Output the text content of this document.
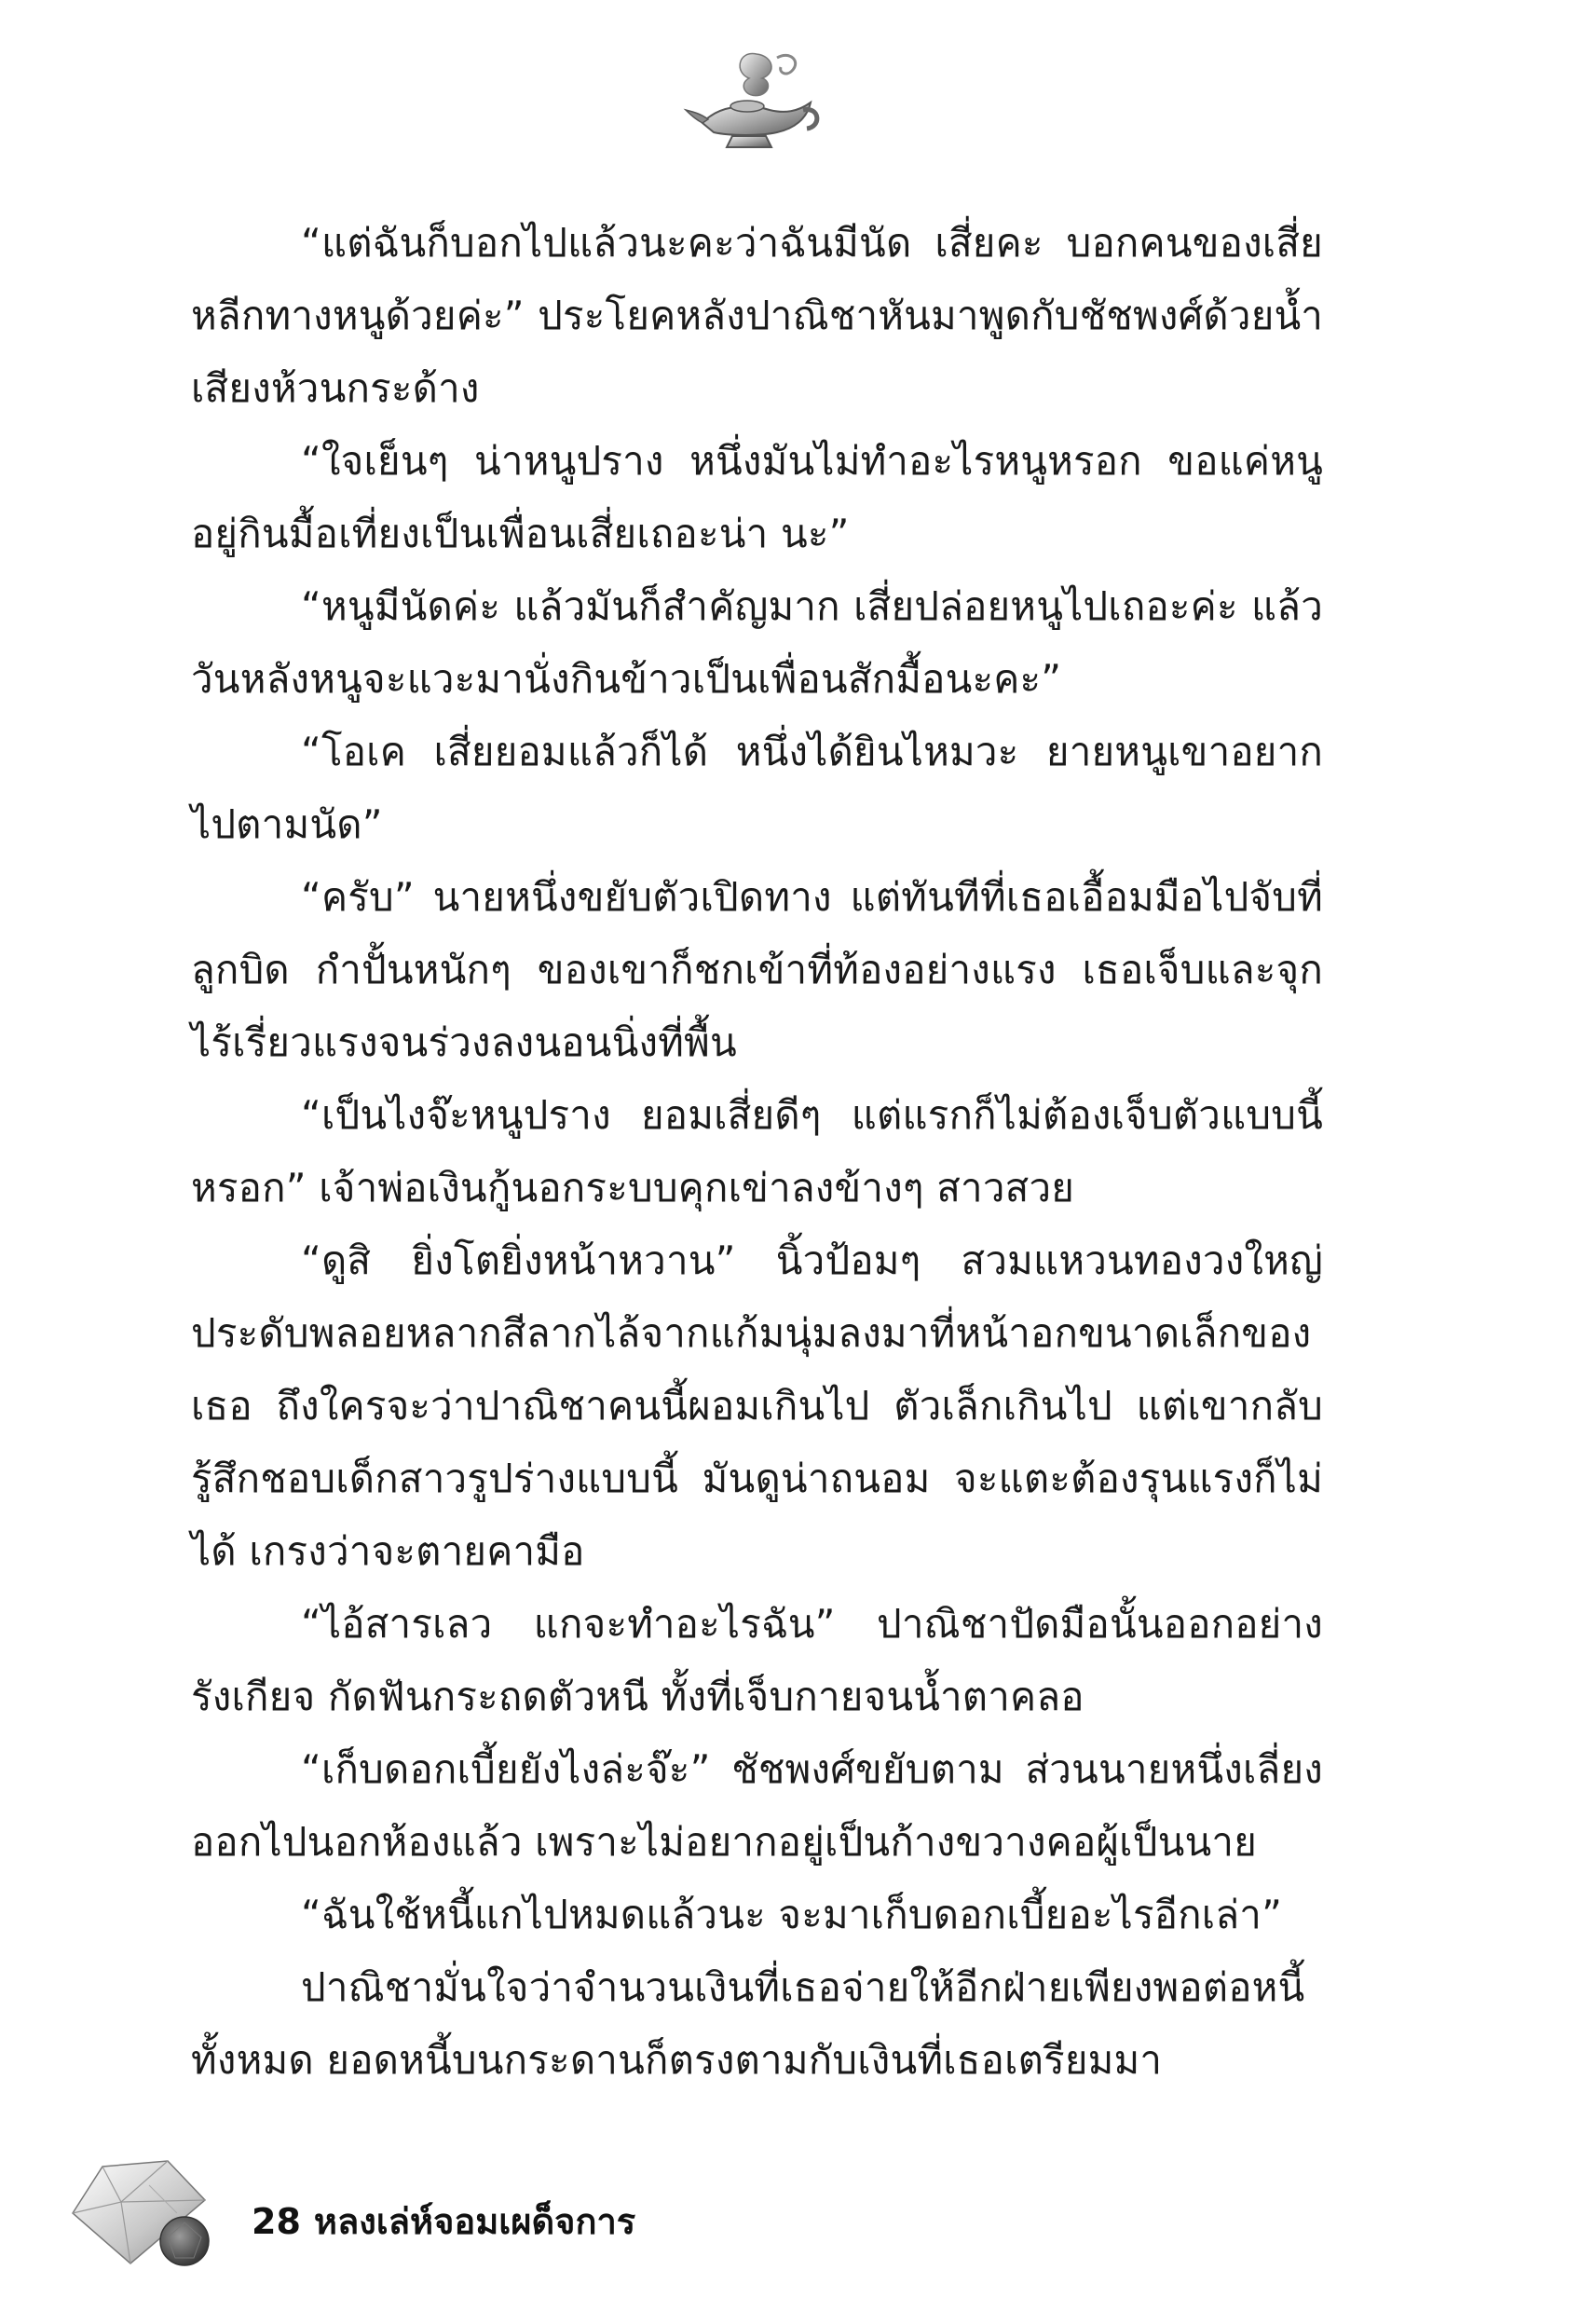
“แต่ฉันก็บอกไปแล้วนะคะว่าฉันมีนัด เสี่ยคะ บอกคนของเสี่ยหลีกทางหนูด้วยค่ะ” ประโยคหลังปาณิชาหันมาพูดกับชัชพงศ์ด้วยน้ำเสียงห้วนกระด้าง

“ใจเย็นๆ น่าหนูปราง หนึ่งมันไม่ทำอะไรหนูหรอก ขอแค่หนูอยู่กินมื้อเที่ยงเป็นเพื่อนเสี่ยเถอะน่า นะ”

“หนูมีนัดค่ะ แล้วมันก็สำคัญมาก เสี่ยปล่อยหนูไปเถอะค่ะ แล้ววันหลังหนูจะแวะมานั่งกินข้าวเป็นเพื่อนสักมื้อนะคะ”

“โอเค เสี่ยยอมแล้วก็ได้ หนึ่งได้ยินไหมวะ ยายหนูเขาอยากไปตามนัด”

“ครับ” นายหนึ่งขยับตัวเปิดทาง แต่ทันทีที่เธอเอื้อมมือไปจับที่ลูกบิด กำปั้นหนักๆ ของเขาก็ชกเข้าที่ท้องอย่างแรง เธอเจ็บและจุกไร้เรี่ยวแรงจนร่วงลงนอนนิ่งที่พื้น

“เป็นไงจ๊ะหนูปราง ยอมเสี่ยดีๆ แต่แรกก็ไม่ต้องเจ็บตัวแบบนี้หรอก” เจ้าพ่อเงินกู้นอกระบบคุกเข่าลงข้างๆ สาวสวย

“ดูสิ ยิ่งโตยิ่งหน้าหวาน” นิ้วป้อมๆ สวมแหวนทองวงใหญ่ประดับพลอยหลากสีลากไล้จากแก้มนุ่มลงมาที่หน้าอกขนาดเล็กของเธอ ถึงใครจะว่าปาณิชาคนนี้ผอมเกินไป ตัวเล็กเกินไป แต่เขากลับรู้สึกชอบเด็กสาวรูปร่างแบบนี้ มันดูน่าถนอม จะแตะต้องรุนแรงก็ไม่ได้ เกรงว่าจะตายคามือ

“ไอ้สารเลว แกจะทำอะไรฉัน” ปาณิชาปัดมือนั้นออกอย่างรังเกียจ กัดฟันกระถดตัวหนี ทั้งที่เจ็บกายจนน้ำตาคลอ

“เก็บดอกเบี้ยยังไงล่ะจ๊ะ” ชัชพงศ์ขยับตาม ส่วนนายหนึ่งเลี่ยงออกไปนอกห้องแล้ว เพราะไม่อยากอยู่เป็นก้างขวางคอผู้เป็นนาย

“ฉันใช้หนี้แกไปหมดแล้วนะ จะมาเก็บดอกเบี้ยอะไรอีกเล่า”

ปาณิชามั่นใจว่าจำนวนเงินที่เธอจ่ายให้อีกฝ่ายเพียงพอต่อหนี้ทั้งหมด ยอดหนี้บนกระดานก็ตรงตามกับเงินที่เธอเตรียมมา

28 หลงเล่ห์จอมเผด็จการ
